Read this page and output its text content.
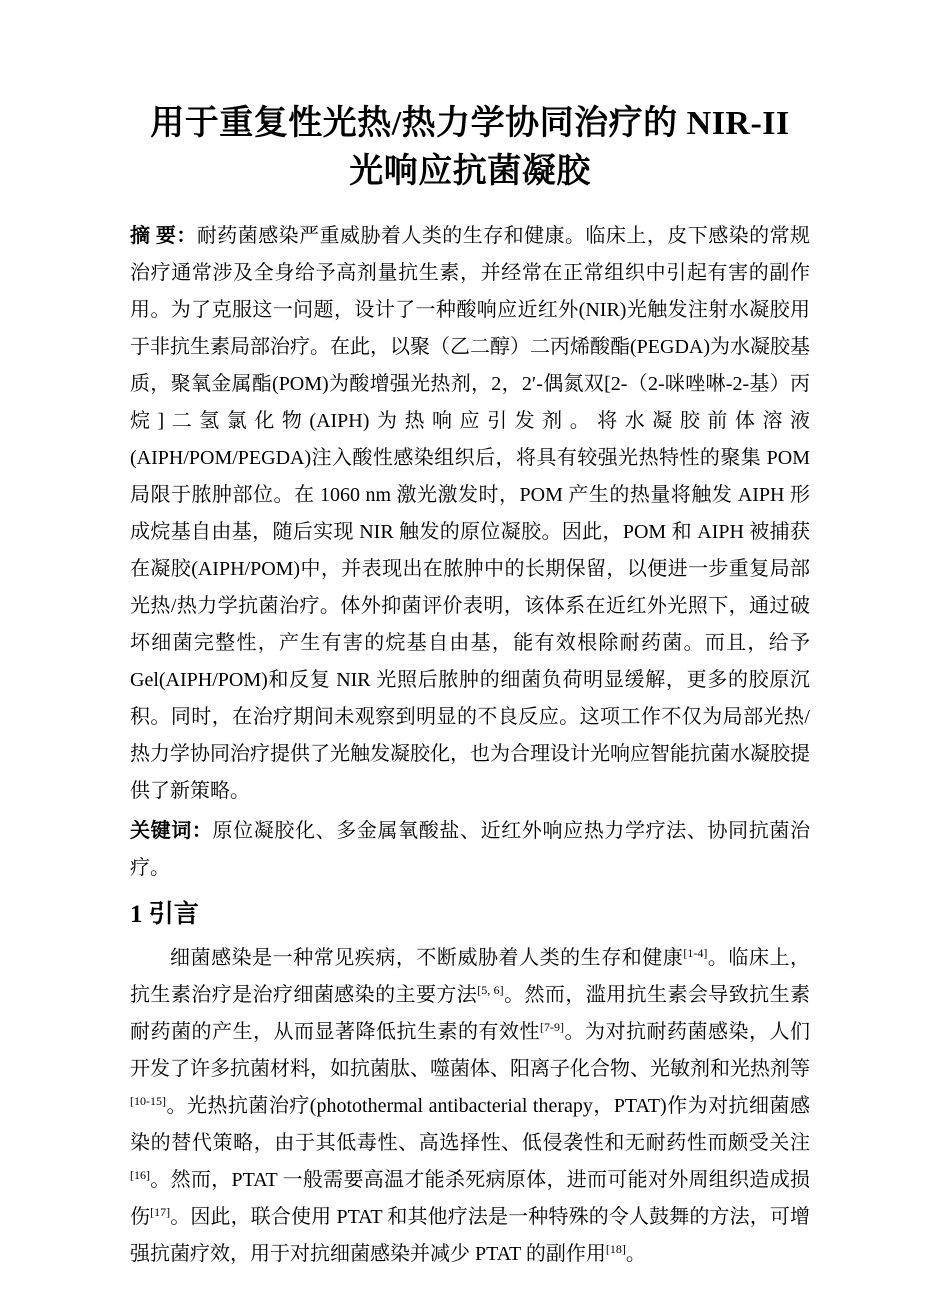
用于重复性光热/热力学协同治疗的 NIR-II
光响应抗菌凝胶

摘 要：耐药菌感染严重威胁着人类的生存和健康。临床上，皮下感染的常规治疗通常涉及全身给予高剂量抗生素，并经常在正常组织中引起有害的副作用。为了克服这一问题，设计了一种酸响应近红外(NIR)光触发注射水凝胶用于非抗生素局部治疗。在此，以聚（乙二醇）二丙烯酸酯(PEGDA)为水凝胶基质，聚氧金属酯(POM)为酸增强光热剂，2，2′-偶氮双[2-（2-咪唑啉-2-基）丙烷]二氢氯化物(AIPH)为热响应引发剂。将水凝胶前体溶液(AIPH/POM/PEGDA)注入酸性感染组织后，将具有较强光热特性的聚集 POM 局限于脓肿部位。在 1060 nm 激光激发时，POM 产生的热量将触发 AIPH 形成烷基自由基，随后实现 NIR 触发的原位凝胶。因此，POM 和 AIPH 被捕获在凝胶(AIPH/POM)中，并表现出在脓肿中的长期保留，以便进一步重复局部光热/热力学抗菌治疗。体外抑菌评价表明，该体系在近红外光照下，通过破坏细菌完整性，产生有害的烷基自由基，能有效根除耐药菌。而且，给予 Gel(AIPH/POM)和反复 NIR 光照后脓肿的细菌负荷明显缓解，更多的胶原沉积。同时，在治疗期间未观察到明显的不良反应。这项工作不仅为局部光热/热力学协同治疗提供了光触发凝胶化，也为合理设计光响应智能抗菌水凝胶提供了新策略。

关键词：原位凝胶化、多金属氧酸盐、近红外响应热力学疗法、协同抗菌治疗。

1 引言

细菌感染是一种常见疾病，不断威胁着人类的生存和健康[1-4]。临床上，抗生素治疗是治疗细菌感染的主要方法[5, 6]。然而，滥用抗生素会导致抗生素耐药菌的产生，从而显著降低抗生素的有效性[7-9]。为对抗耐药菌感染，人们开发了许多抗菌材料，如抗菌肽、噬菌体、阳离子化合物、光敏剂和光热剂等[10-15]。光热抗菌治疗(photothermal antibacterial therapy，PTAT)作为对抗细菌感染的替代策略，由于其低毒性、高选择性、低侵袭性和无耐药性而颇受关注[16]。然而，PTAT 一般需要高温才能杀死病原体，进而可能对外周组织造成损伤[17]。因此，联合使用 PTAT 和其他疗法是一种特殊的令人鼓舞的方法，可增强抗菌疗效，用于对抗细菌感染并减少 PTAT 的副作用[18]。
